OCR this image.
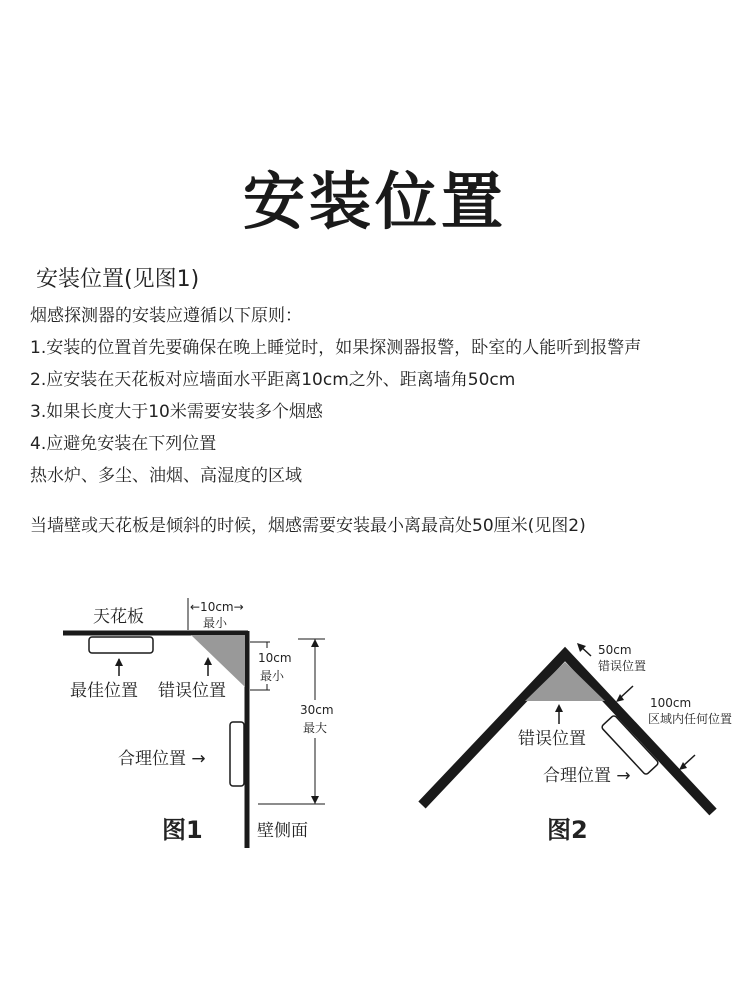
安装位置
安装位置(见图1)
烟感探测器的安装应遵循以下原则：
1.安装的位置首先要确保在晚上睡觉时，如果探测器报警，卧室的人能听到报警声
2.应安装在天花板对应墙面水平距离10cm之外、距离墙角50cm
3.如果长度大于10米需要安装多个烟感
4.应避免安装在下列位置
热水炉、多尘、油烟、高湿度的区域
当墙壁或天花板是倾斜的时候，烟感需要安装最小离最高处50厘米(见图2)
天花板	←10cm→
最小
10cm
最小
30cm
最大
最佳位置 错误位置
合理位置 →
壁侧面
图1
50cm
错误位置
100cm
区域内任何位置
错误位置
合理位置 →
图2
